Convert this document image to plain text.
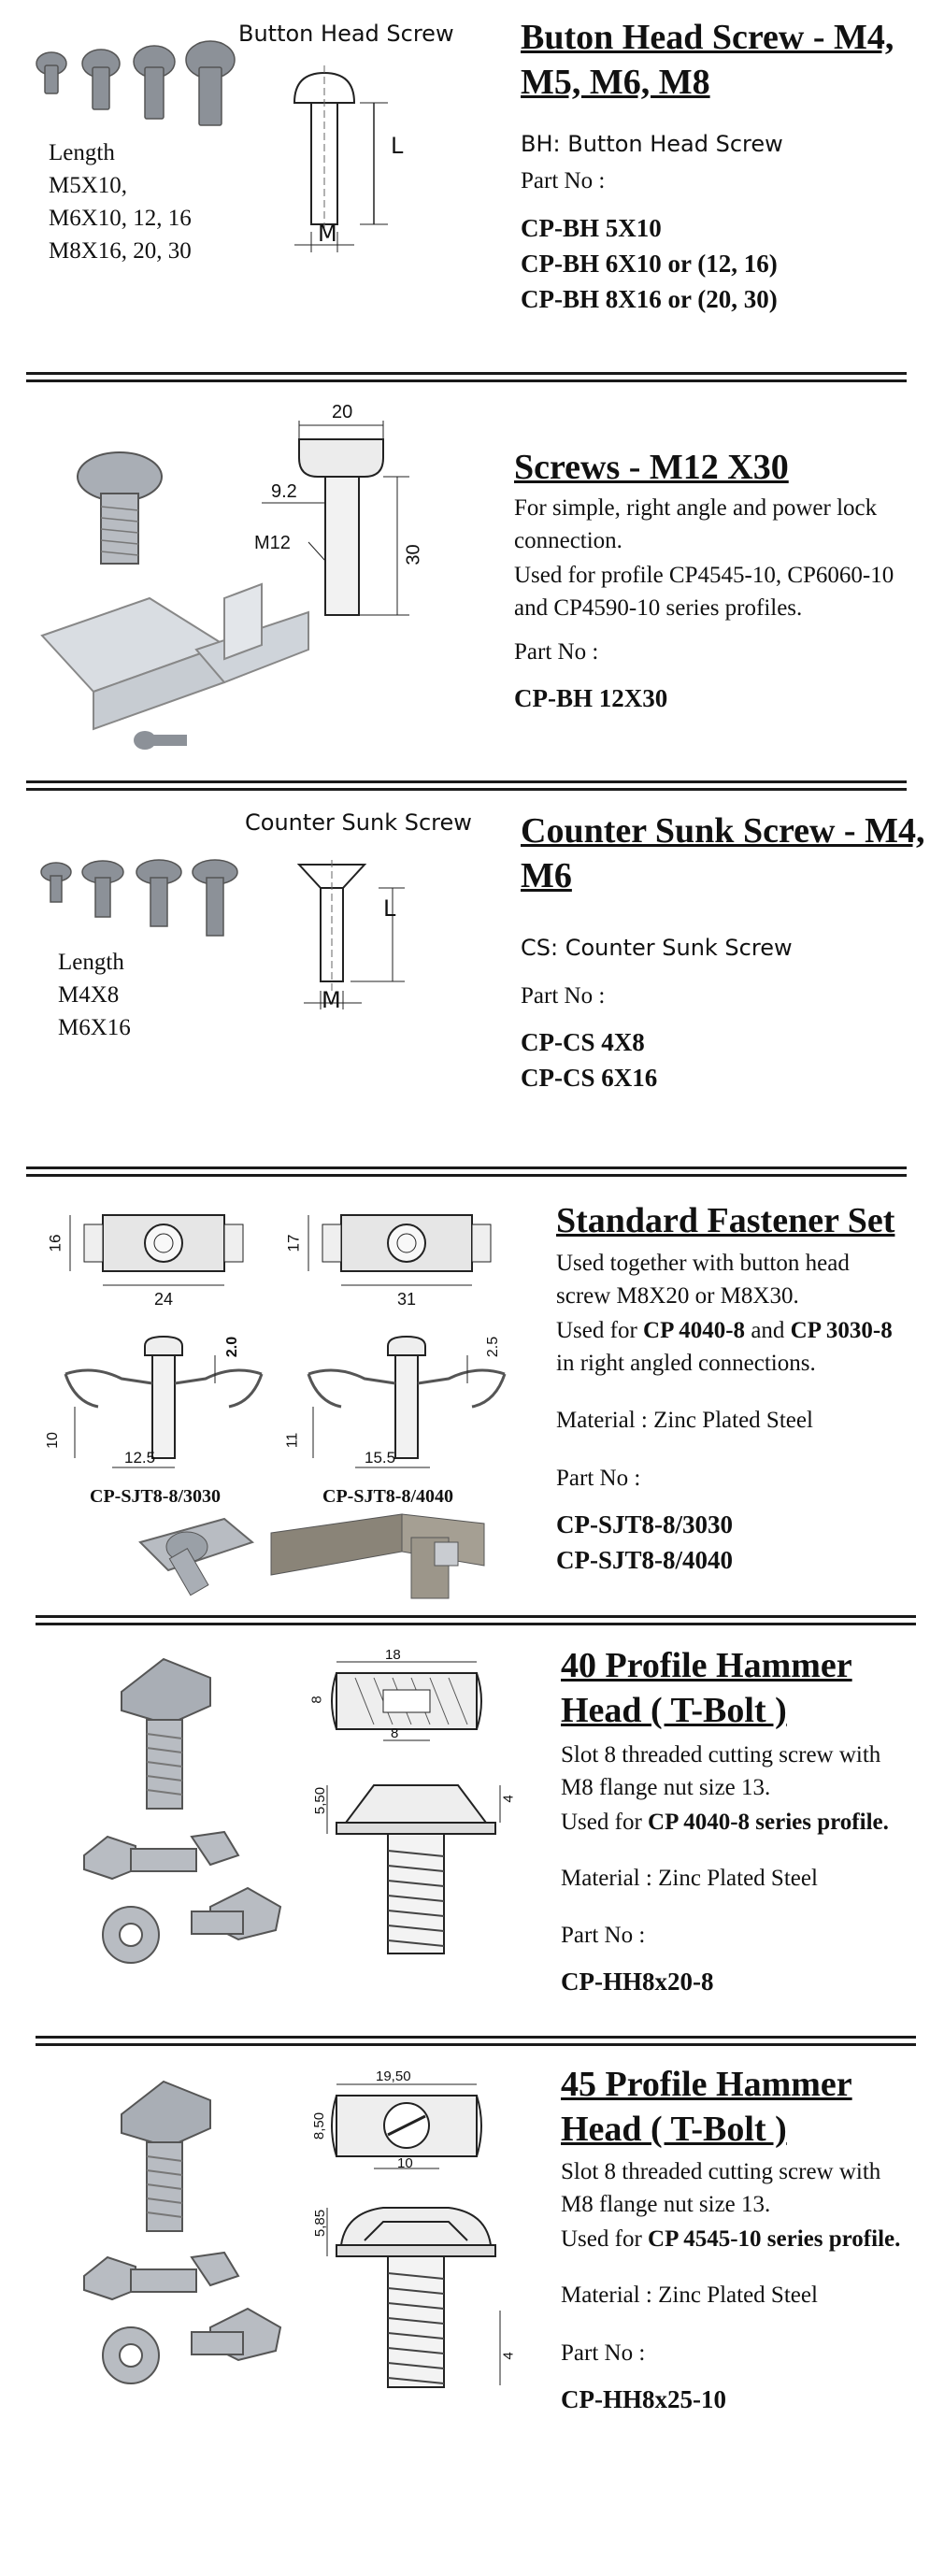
Length
M5X10,
M6X10, 12, 16
M8X16, 20, 30
Button Head Screw
L
M
Buton Head Screw - M4,
M5, M6, M8
BH: Button Head Screw
Part No :
CP-BH 5X10
CP-BH 6X10 or (12, 16)
CP-BH 8X16 or (20, 30)
20
9.2
M12
30
Screws - M12 X30
For simple, right angle and power lock
connection.
Used for profile CP4545-10, CP6060-10
and CP4590-10 series profiles.
Part No :
CP-BH 12X30
Length
M4X8
M6X16
Counter Sunk Screw
L
M
Counter Sunk Screw - M4,
M6
CS: Counter Sunk Screw
Part No :
CP-CS 4X8
CP-CS 6X16
16
24
17
31
2.0
10
12.5
2.5
11
15.5
CP-SJT8-8/3030	CP-SJT8-8/4040
Standard Fastener Set
Used together with button head
screw M8X20 or M8X30.
Used for CP 4040-8 and CP 3030-8
in right angled connections.
Material : Zinc Plated Steel
Part No :
CP-SJT8-8/3030
CP-SJT8-8/4040
18
8
8
5,50	4
40 Profile Hammer
Head ( T-Bolt )
Slot 8 threaded cutting screw with
M8 flange nut size 13.
Used for CP 4040-8 series profile.
Material : Zinc Plated Steel
Part No :
CP-HH8x20-8
19,50
8,50
10
5,85
4
45 Profile Hammer
Head ( T-Bolt )
Slot 8 threaded cutting screw with
M8 flange nut size 13.
Used for CP 4545-10 series profile.
Material : Zinc Plated Steel
Part No :
CP-HH8x25-10
